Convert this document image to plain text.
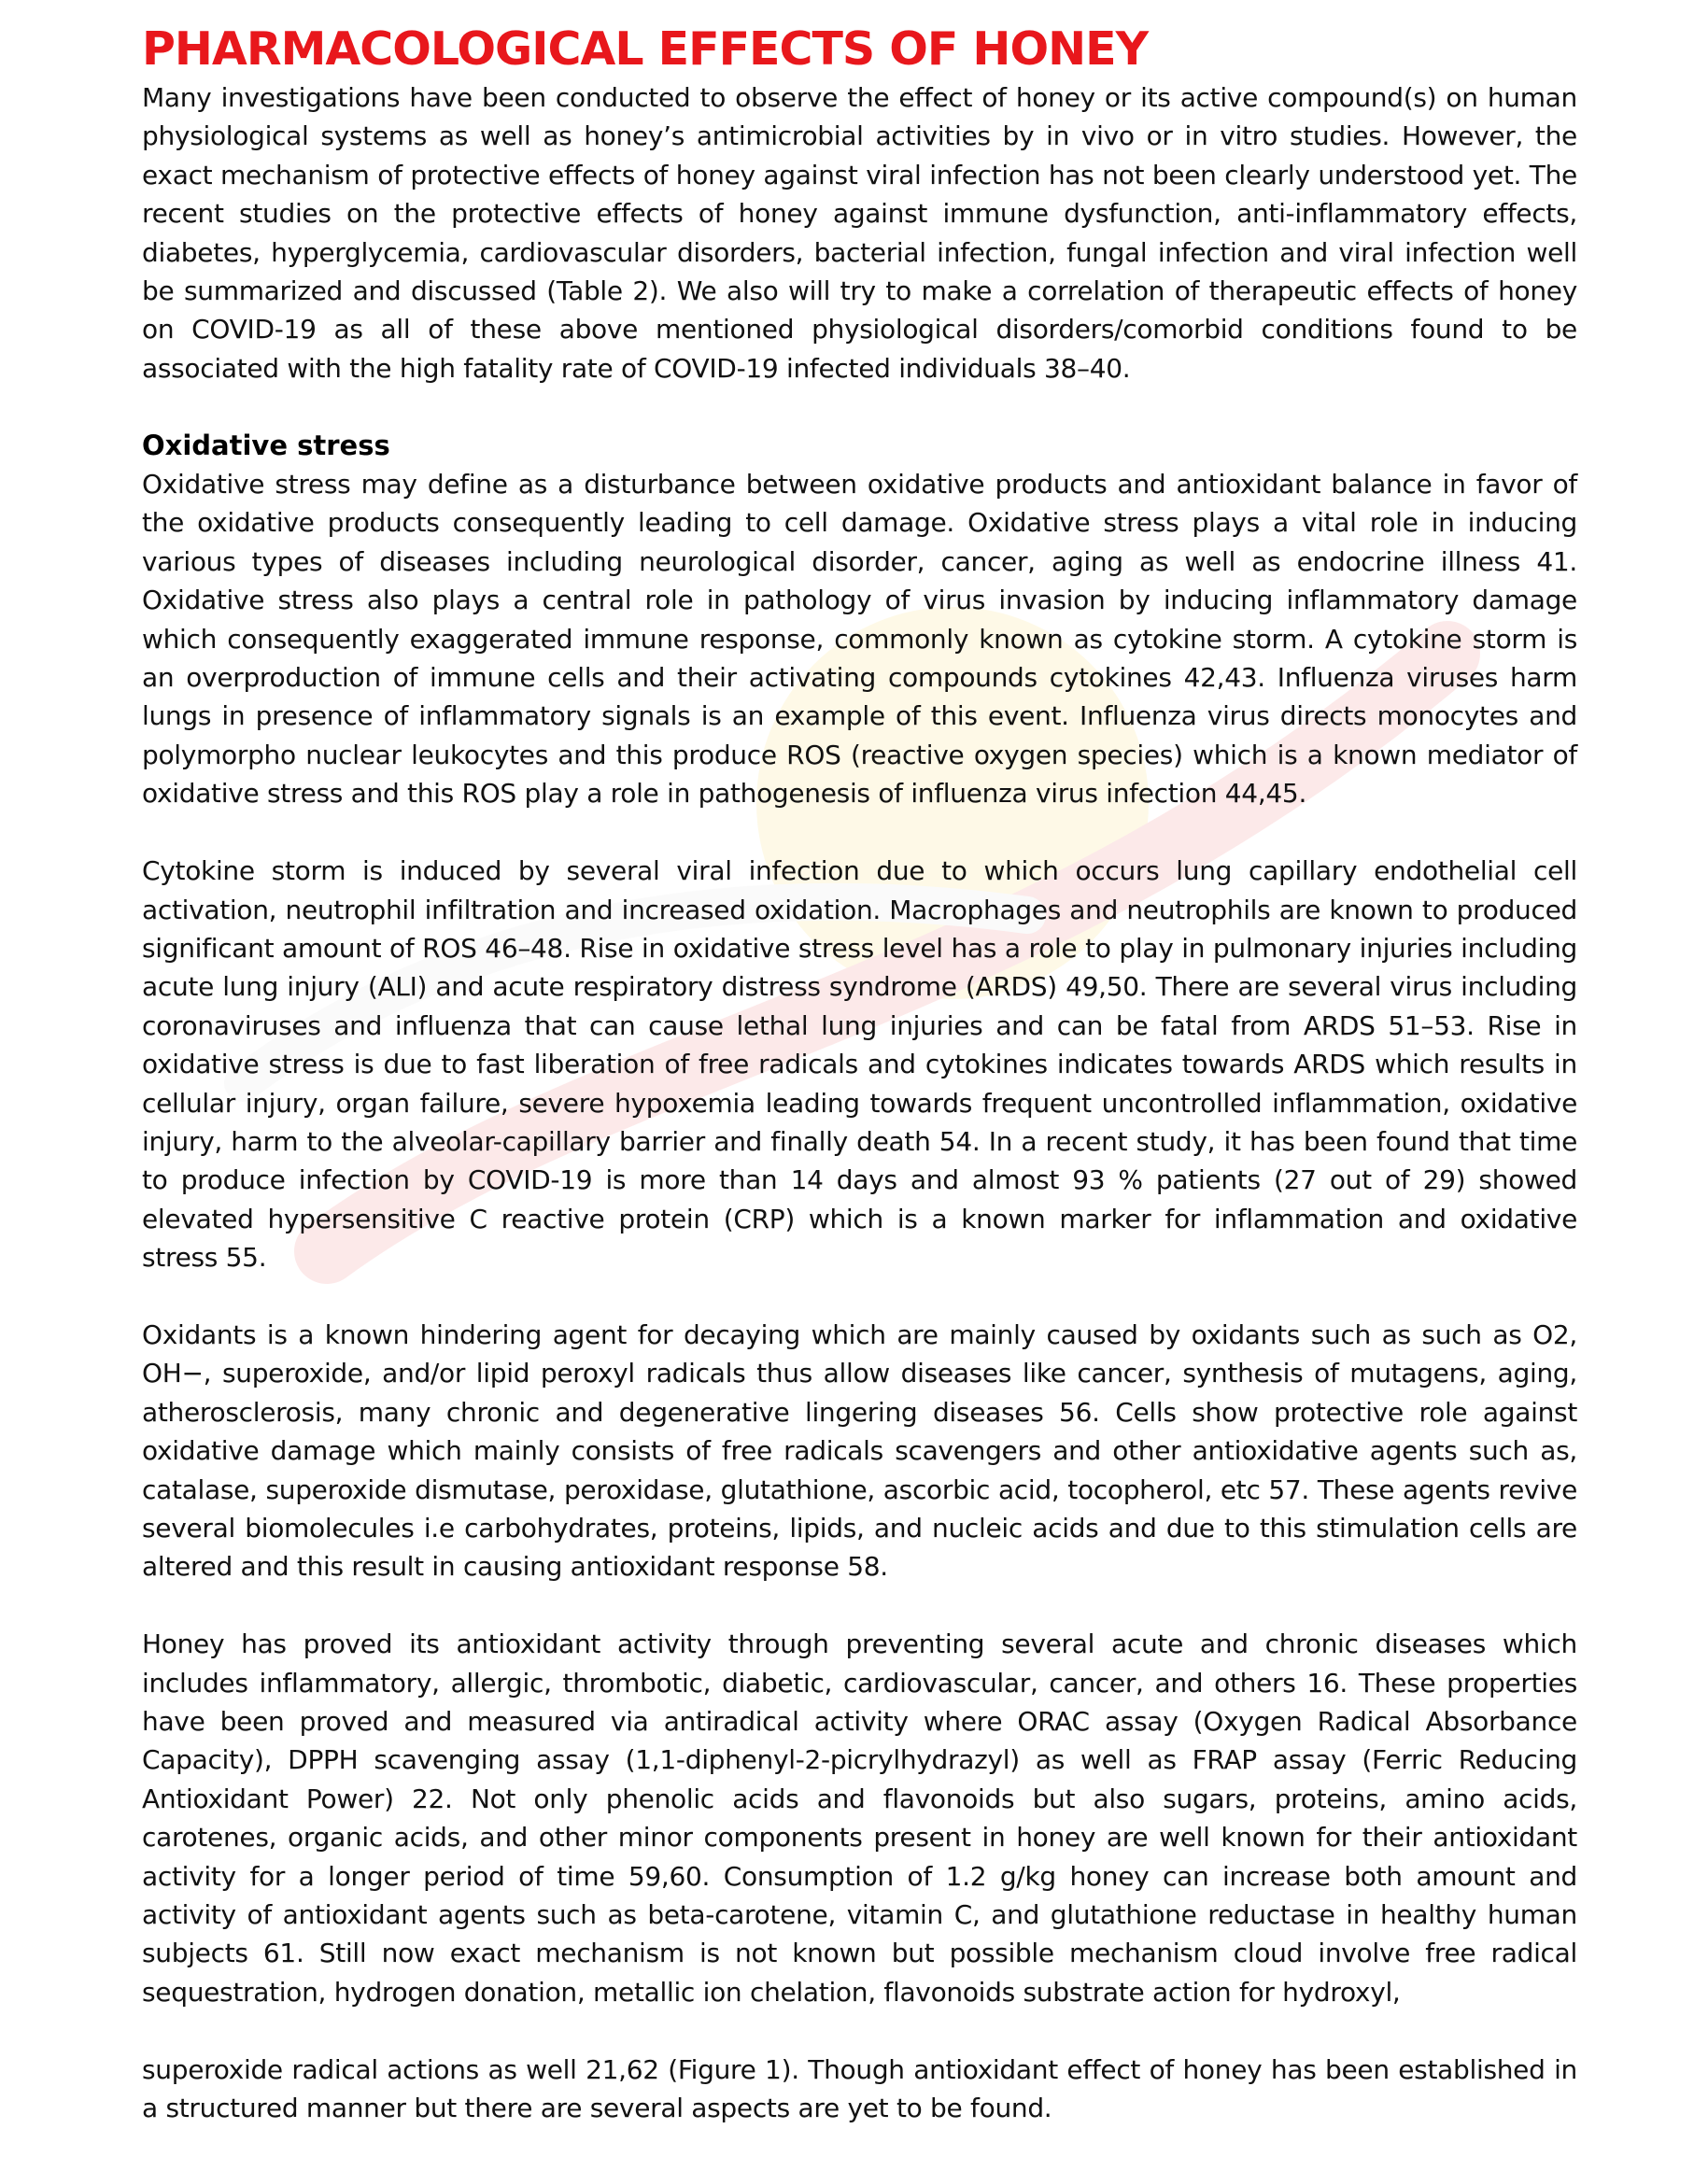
PHARMACOLOGICAL EFFECTS OF HONEY

Many investigations have been conducted to observe the effect of honey or its active compound(s) on human physiological systems as well as honey’s antimicrobial activities by in vivo or in vitro studies. However, the exact mechanism of protective effects of honey against viral infection has not been clearly understood yet. The recent studies on the protective effects of honey against immune dysfunction, anti-inflammatory effects, diabetes, hyperglycemia, cardiovascular disorders, bacterial infection, fungal infection and viral infection well be summarized and discussed (Table 2). We also will try to make a correlation of therapeutic effects of honey on COVID-19 as all of these above mentioned physiological disorders/comorbid conditions found to be associated with the high fatality rate of COVID-19 infected individuals 38–40.

Oxidative stress

Oxidative stress may define as a disturbance between oxidative products and antioxidant balance in favor of the oxidative products consequently leading to cell damage. Oxidative stress plays a vital role in inducing various types of diseases including neurological disorder, cancer, aging as well as endocrine illness 41. Oxidative stress also plays a central role in pathology of virus invasion by inducing inflammatory damage which consequently exaggerated immune response, commonly known as cytokine storm. A cytokine storm is an overproduction of immune cells and their activating compounds cytokines 42,43. Influenza viruses harm lungs in presence of inflammatory signals is an example of this event. Influenza virus directs monocytes and polymorpho nuclear leukocytes and this produce ROS (reactive oxygen species) which is a known mediator of oxidative stress and this ROS play a role in pathogenesis of influenza virus infection 44,45.

Cytokine storm is induced by several viral infection due to which occurs lung capillary endothelial cell activation, neutrophil infiltration and increased oxidation. Macrophages and neutrophils are known to produced significant amount of ROS 46–48. Rise in oxidative stress level has a role to play in pulmonary injuries including acute lung injury (ALI) and acute respiratory distress syndrome (ARDS) 49,50. There are several virus including coronaviruses and influenza that can cause lethal lung injuries and can be fatal from ARDS 51–53. Rise in oxidative stress is due to fast liberation of free radicals and cytokines indicates towards ARDS which results in cellular injury, organ failure, severe hypoxemia leading towards frequent uncontrolled inflammation, oxidative injury, harm to the alveolar-capillary barrier and finally death 54. In a recent study, it has been found that time to produce infection by COVID-19 is more than 14 days and almost 93 % patients (27 out of 29) showed elevated hypersensitive C reactive protein (CRP) which is a known marker for inflammation and oxidative stress 55.

Oxidants is a known hindering agent for decaying which are mainly caused by oxidants such as such as O2, OH−, superoxide, and/or lipid peroxyl radicals thus allow diseases like cancer, synthesis of mutagens, aging, atherosclerosis, many chronic and degenerative lingering diseases 56. Cells show protective role against oxidative damage which mainly consists of free radicals scavengers and other antioxidative agents such as, catalase, superoxide dismutase, peroxidase, glutathione, ascorbic acid, tocopherol, etc 57. These agents revive several biomolecules i.e carbohydrates, proteins, lipids, and nucleic acids and due to this stimulation cells are altered and this result in causing antioxidant response 58.

Honey has proved its antioxidant activity through preventing several acute and chronic diseases which includes inflammatory, allergic, thrombotic, diabetic, cardiovascular, cancer, and others 16. These properties have been proved and measured via antiradical activity where ORAC assay (Oxygen Radical Absorbance Capacity), DPPH scavenging assay (1,1-diphenyl-2-picrylhydrazyl) as well as FRAP assay (Ferric Reducing Antioxidant Power) 22. Not only phenolic acids and flavonoids but also sugars, proteins, amino acids, carotenes, organic acids, and other minor components present in honey are well known for their antioxidant activity for a longer period of time 59,60. Consumption of 1.2 g/kg honey can increase both amount and activity of antioxidant agents such as beta-carotene, vitamin C, and glutathione reductase in healthy human subjects 61. Still now exact mechanism is not known but possible mechanism cloud involve free radical sequestration, hydrogen donation, metallic ion chelation, flavonoids substrate action for hydroxyl,

superoxide radical actions as well 21,62 (Figure 1). Though antioxidant effect of honey has been established in a structured manner but there are several aspects are yet to be found.
